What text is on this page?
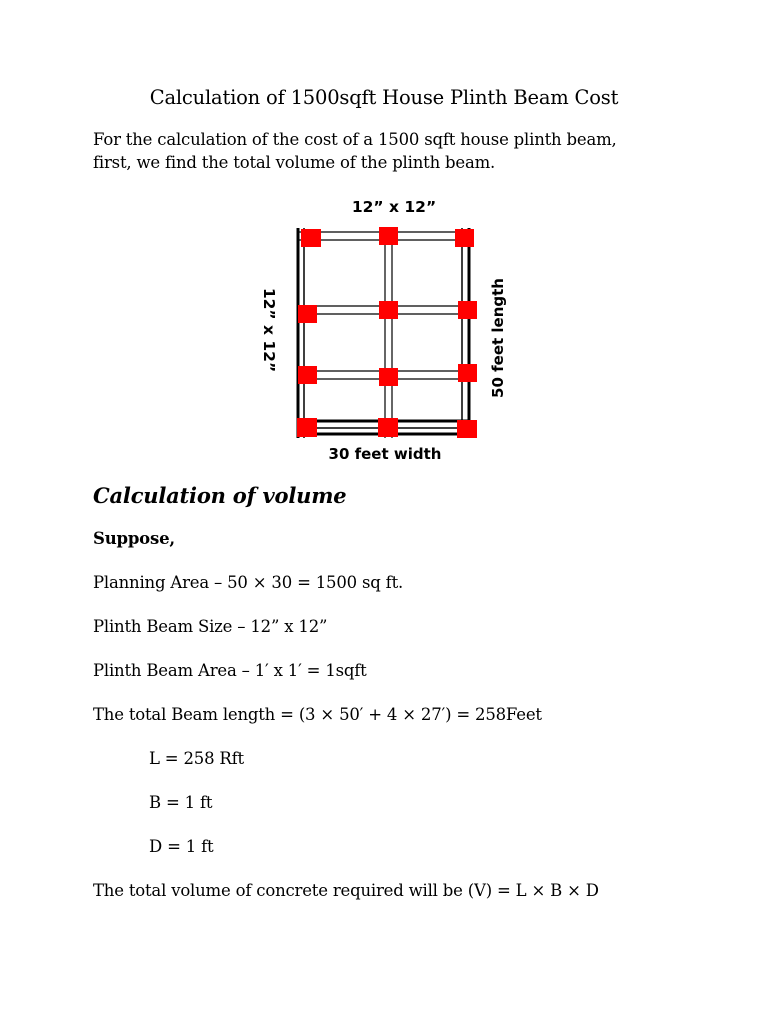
Calculation of 1500sqft House Plinth Beam Cost
For the calculation of the cost of a 1500 sqft house plinth beam,
first, we find the total volume of the plinth beam.
12” x 12”
30 feet width
12” x 12”	50 feet length
Calculation of volume
Suppose,
Planning Area – 50 × 30 = 1500 sq ft.
Plinth Beam Size – 12” x 12”
Plinth Beam Area – 1′ x 1′ = 1sqft
The total Beam length = (3 × 50′ + 4 × 27′) = 258Feet
L = 258 Rft
B = 1 ft
D = 1 ft
The total volume of concrete required will be (V) = L × B × D
